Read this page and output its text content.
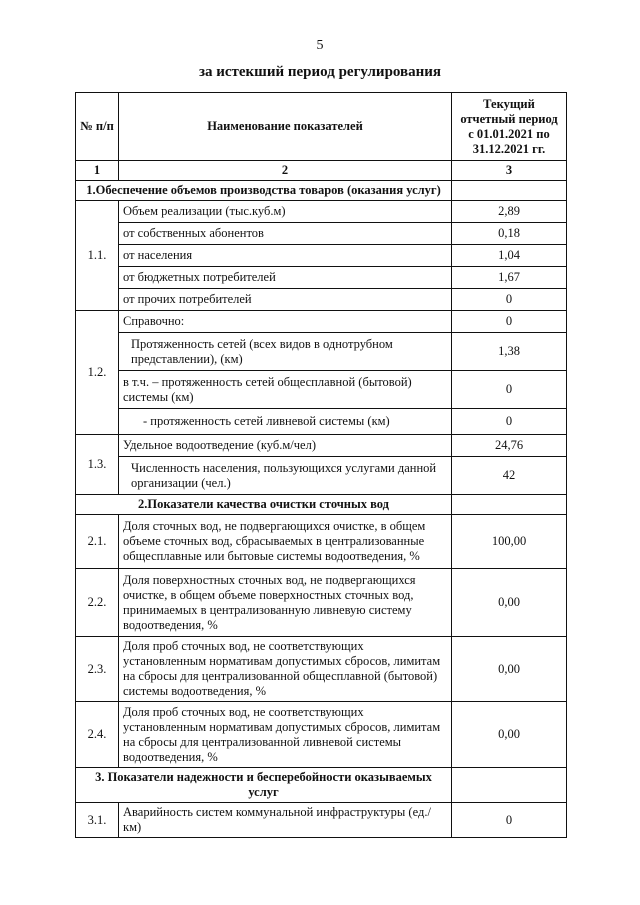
5
за истекший период регулирования
№ п/п	Наименование показателей	Текущий отчетный период с 01.01.2021 по 31.12.2021 гг.
1	2	3
1.Обеспечение объемов производства товаров (оказания услуг)		
1.1.	Объем реализации (тыс.куб.м)	2,89
	от собственных абонентов	0,18
	от населения	1,04
	от бюджетных потребителей	1,67
	от прочих потребителей	0
1.2.	Справочно:	0
	Протяженность сетей (всех видов в однотрубном представлении), (км)	1,38
	в т.ч. – протяженность сетей общесплавной (бытовой) системы (км)	0
	- протяженность сетей ливневой системы (км)	0
1.3.	Удельное водоотведение (куб.м/чел)	24,76
	Численность населения, пользующихся услугами данной организации (чел.)	42
2.Показатели качества очистки сточных вод		
2.1.	Доля сточных вод, не подвергающихся очистке, в общем объеме сточных вод, сбрасываемых в централизованные общесплавные или бытовые системы водоотведения, %	100,00
2.2.	Доля поверхностных сточных вод, не подвергающихся очистке, в общем объеме поверхностных сточных вод, принимаемых в централизованную ливневую систему водоотведения, %	0,00
2.3.	Доля проб сточных вод, не соответствующих установленным нормативам допустимых сбросов, лимитам на сбросы для централизованной общесплавной (бытовой) системы водоотведения, %	0,00
2.4.	Доля проб сточных вод, не соответствующих установленным нормативам допустимых сбросов, лимитам на сбросы для централизованной ливневой системы водоотведения, %	0,00
3. Показатели надежности и бесперебойности оказываемых услуг		
3.1.	Аварийность систем коммунальной инфраструктуры (ед./км)	0
